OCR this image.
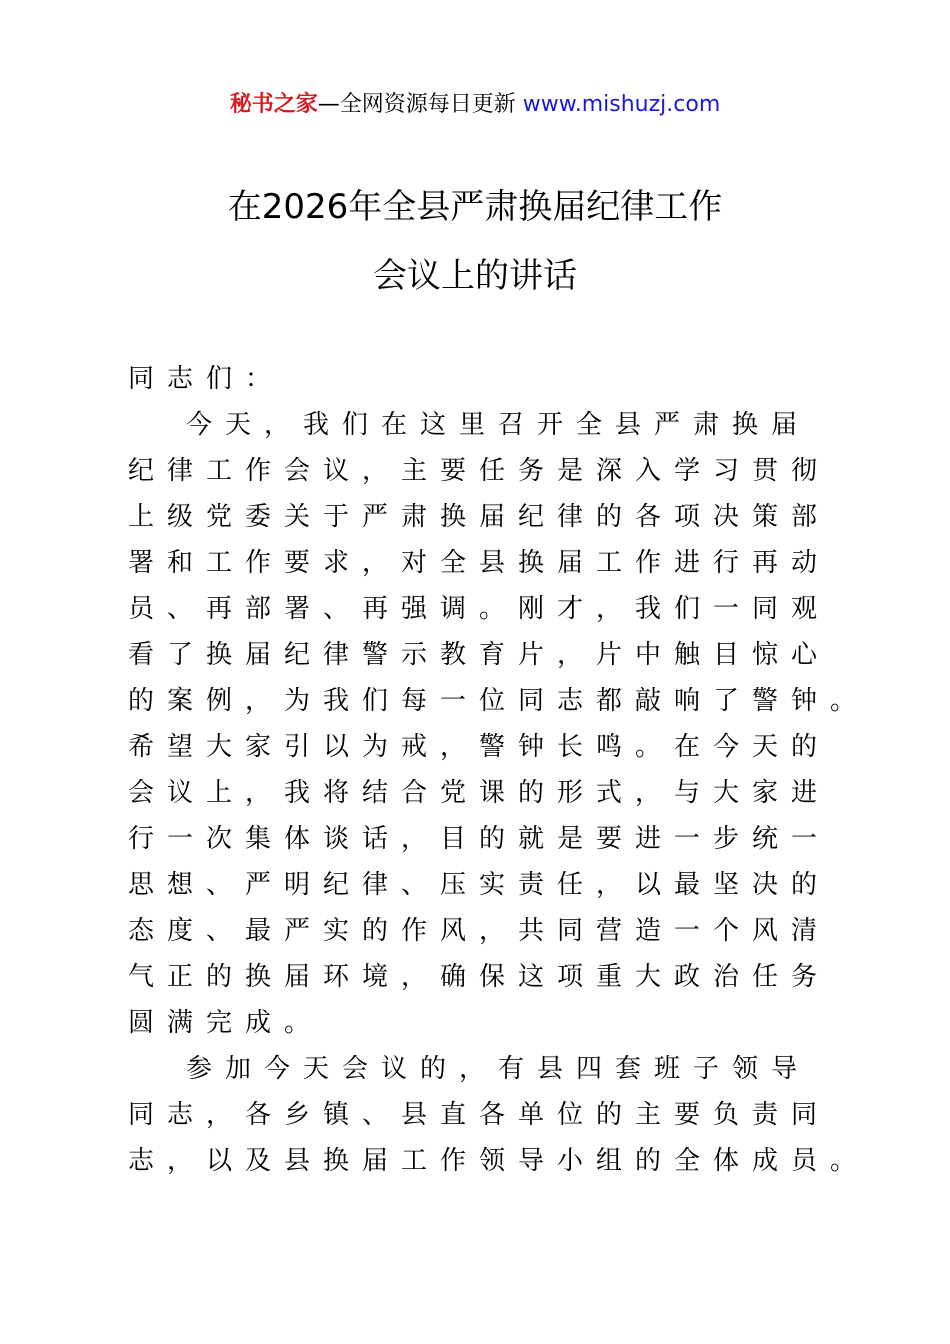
秘书之家—全网资源每日更新 www.mishuzj.com
在2026年全县严肃换届纪律工作
会议上的讲话
同志们：
今天，我们在这里召开全县严肃换届
纪律工作会议，主要任务是深入学习贯彻
上级党委关于严肃换届纪律的各项决策部
署和工作要求，对全县换届工作进行再动
员、再部署、再强调。刚才，我们一同观
看了换届纪律警示教育片，片中触目惊心
的案例，为我们每一位同志都敲响了警钟。
希望大家引以为戒，警钟长鸣。在今天的
会议上，我将结合党课的形式，与大家进
行一次集体谈话，目的就是要进一步统一
思想、严明纪律、压实责任，以最坚决的
态度、最严实的作风，共同营造一个风清
气正的换届环境，确保这项重大政治任务
圆满完成。
参加今天会议的，有县四套班子领导
同志，各乡镇、县直各单位的主要负责同
志，以及县换届工作领导小组的全体成员。
